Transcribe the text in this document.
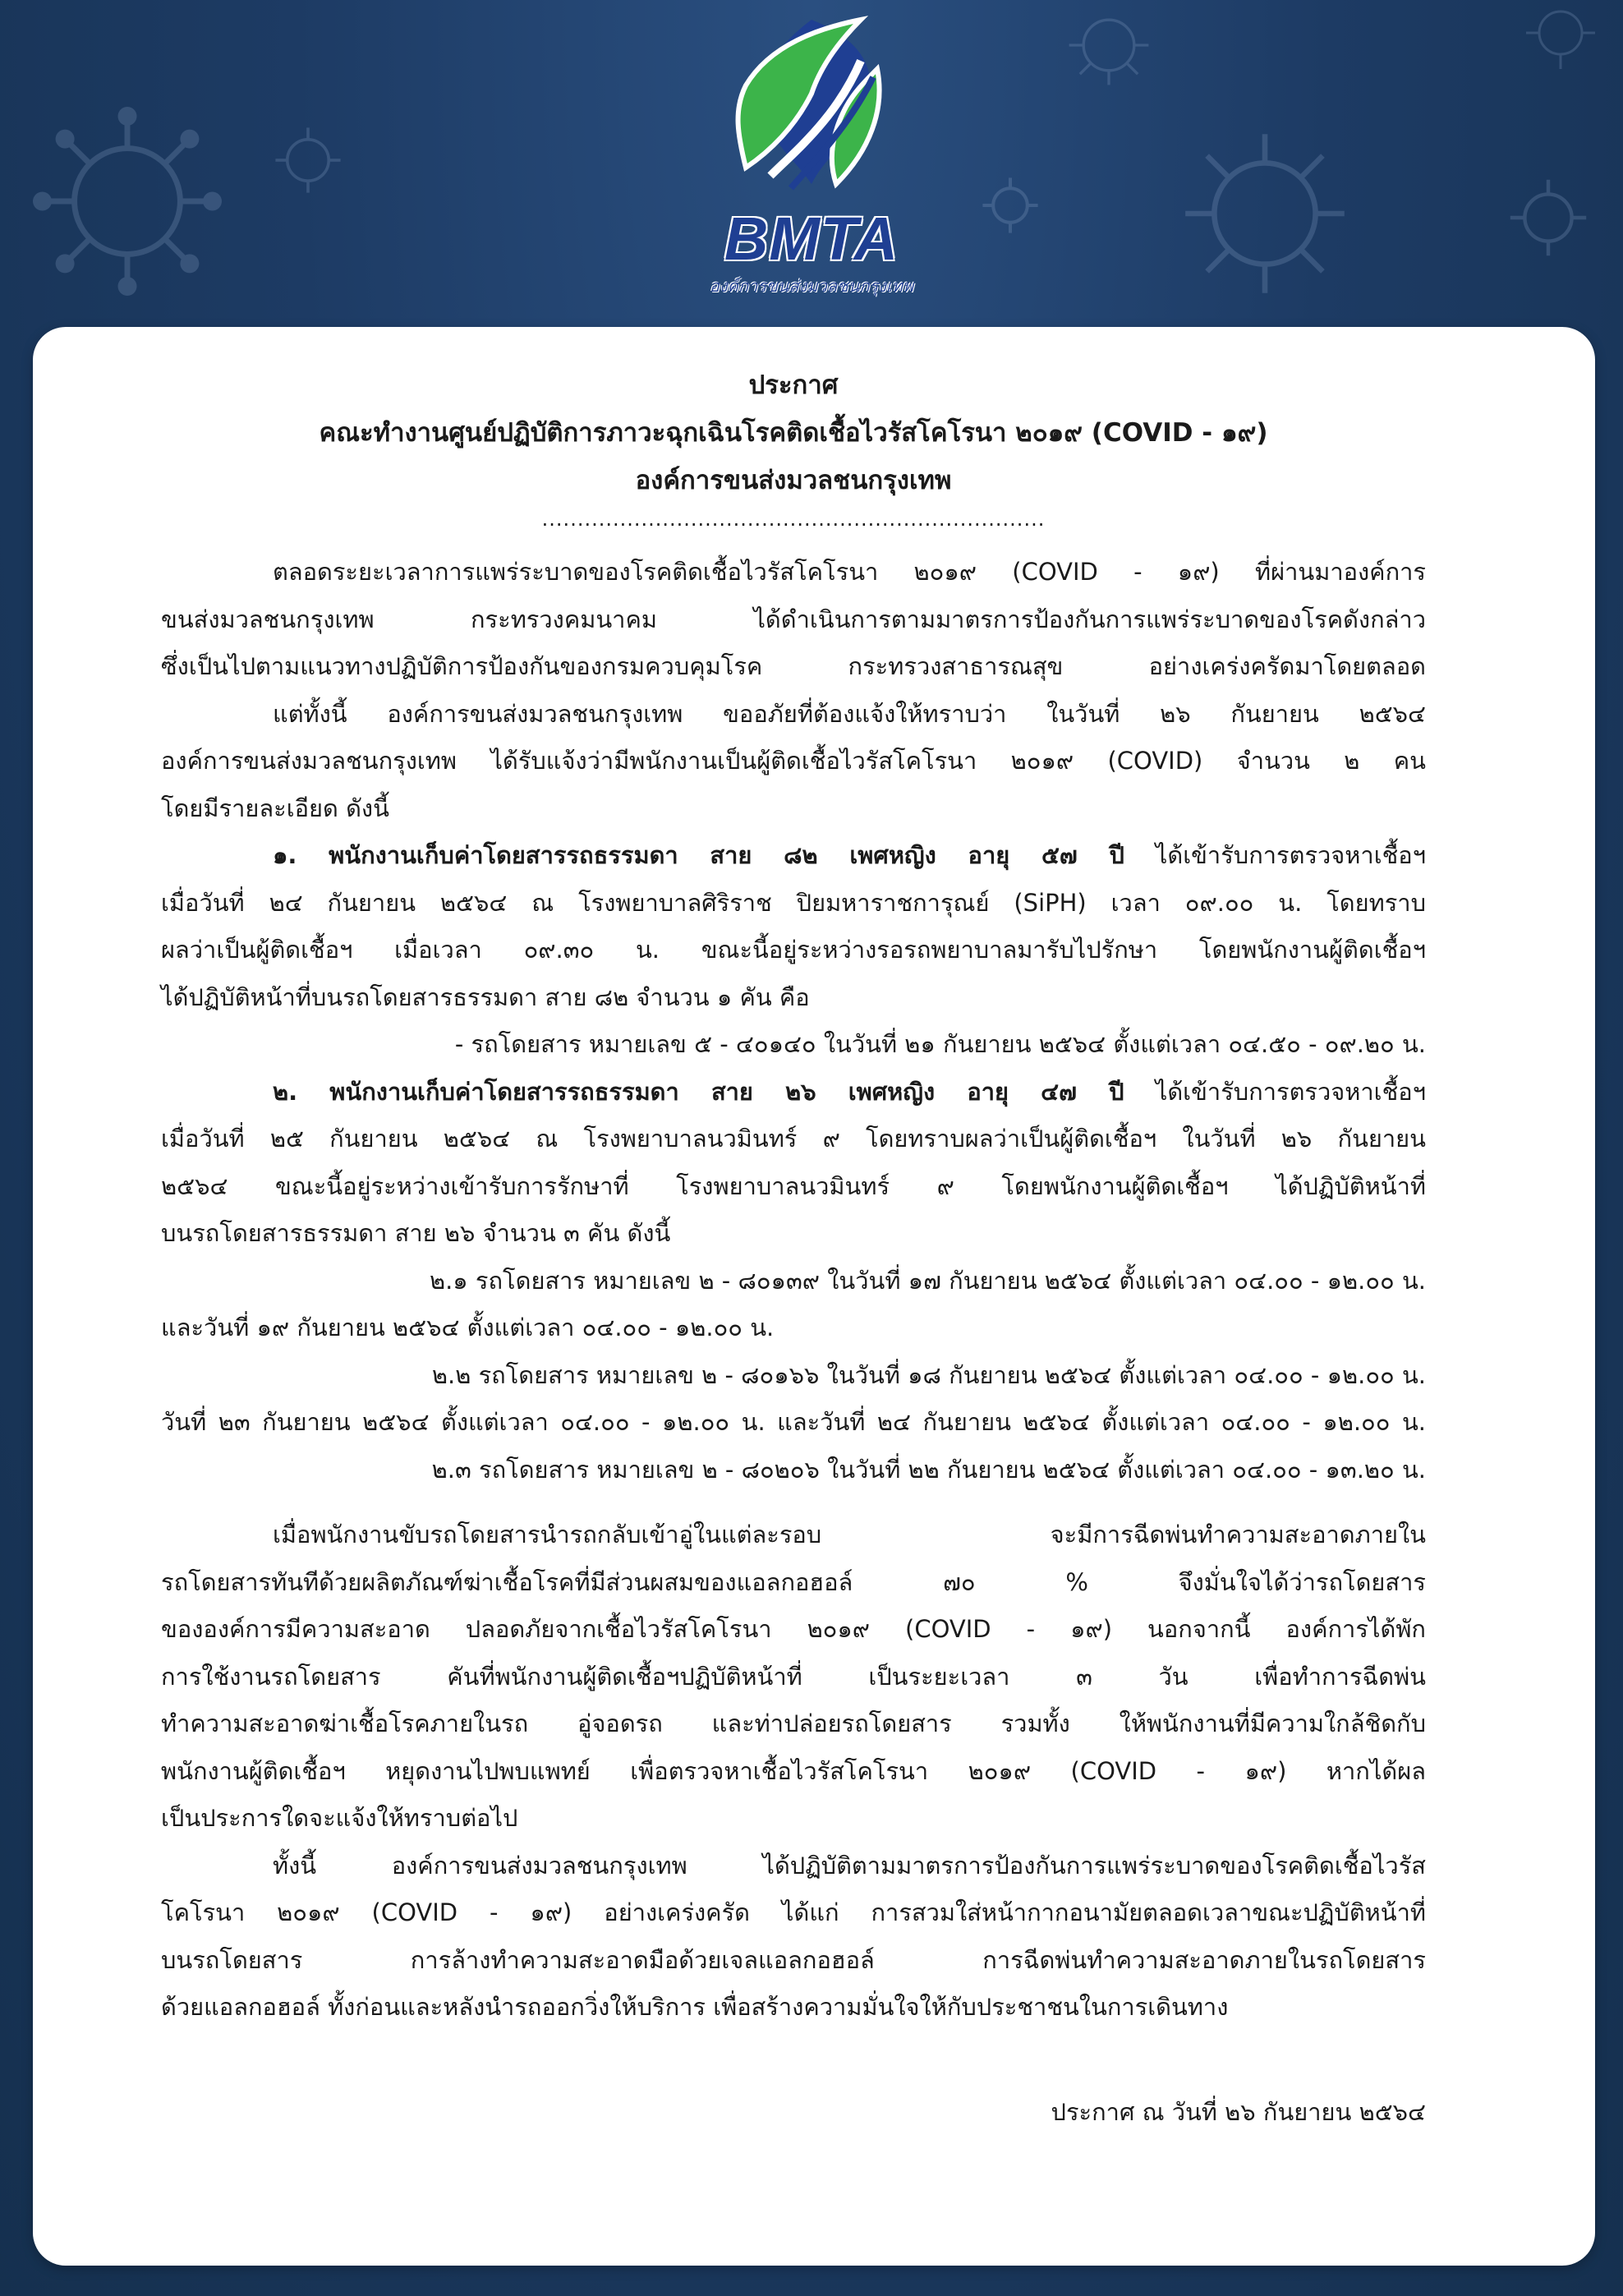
BMTA
องค์การขนส่งมวลชนกรุงเทพ
ประกาศ
คณะทำงานศูนย์ปฏิบัติการภาวะฉุกเฉินโรคติดเชื้อไวรัสโคโรนา ๒๐๑๙ (COVID - ๑๙)
องค์การขนส่งมวลชนกรุงเทพ
.......................................................................

ตลอดระยะเวลาการแพร่ระบาดของโรคติดเชื้อไวรัสโคโรนา ๒๐๑๙ (COVID - ๑๙) ที่ผ่านมาองค์การ

ขนส่งมวลชนกรุงเทพ กระทรวงคมนาคม ได้ดำเนินการตามมาตรการป้องกันการแพร่ระบาดของโรคดังกล่าว

ซึ่งเป็นไปตามแนวทางปฏิบัติการป้องกันของกรมควบคุมโรค กระทรวงสาธารณสุข อย่างเคร่งครัดมาโดยตลอด

แต่ทั้งนี้ องค์การขนส่งมวลชนกรุงเทพ ขออภัยที่ต้องแจ้งให้ทราบว่า ในวันที่ ๒๖ กันยายน ๒๕๖๔

องค์การขนส่งมวลชนกรุงเทพ ได้รับแจ้งว่ามีพนักงานเป็นผู้ติดเชื้อไวรัสโคโรนา ๒๐๑๙ (COVID) จำนวน ๒ คน

โดยมีรายละเอียด ดังนี้

๑. พนักงานเก็บค่าโดยสารรถธรรมดา สาย ๘๒ เพศหญิง อายุ ๕๗ ปี ได้เข้ารับการตรวจหาเชื้อฯ

เมื่อวันที่ ๒๔ กันยายน ๒๕๖๔ ณ โรงพยาบาลศิริราช ปิยมหาราชการุณย์ (SiPH) เวลา ๐๙.๐๐ น. โดยทราบ

ผลว่าเป็นผู้ติดเชื้อฯ เมื่อเวลา ๐๙.๓๐ น. ขณะนี้อยู่ระหว่างรอรถพยาบาลมารับไปรักษา โดยพนักงานผู้ติดเชื้อฯ

ได้ปฏิบัติหน้าที่บนรถโดยสารธรรมดา สาย ๘๒ จำนวน ๑ คัน คือ

- รถโดยสาร หมายเลข ๕ - ๔๐๑๔๐ ในวันที่ ๒๑ กันยายน ๒๕๖๔ ตั้งแต่เวลา ๐๔.๕๐ - ๐๙.๒๐ น.

๒. พนักงานเก็บค่าโดยสารรถธรรมดา สาย ๒๖ เพศหญิง อายุ ๔๗ ปี ได้เข้ารับการตรวจหาเชื้อฯ

เมื่อวันที่ ๒๕ กันยายน ๒๕๖๔ ณ โรงพยาบาลนวมินทร์ ๙ โดยทราบผลว่าเป็นผู้ติดเชื้อฯ ในวันที่ ๒๖ กันยายน

๒๕๖๔ ขณะนี้อยู่ระหว่างเข้ารับการรักษาที่ โรงพยาบาลนวมินทร์ ๙ โดยพนักงานผู้ติดเชื้อฯ ได้ปฏิบัติหน้าที่

บนรถโดยสารธรรมดา สาย ๒๖ จำนวน ๓ คัน ดังนี้

๒.๑ รถโดยสาร หมายเลข ๒ - ๘๐๑๓๙ ในวันที่ ๑๗ กันยายน ๒๕๖๔ ตั้งแต่เวลา ๐๔.๐๐ - ๑๒.๐๐ น.

และวันที่ ๑๙ กันยายน ๒๕๖๔ ตั้งแต่เวลา ๐๔.๐๐ - ๑๒.๐๐ น.

๒.๒ รถโดยสาร หมายเลข ๒ - ๘๐๑๖๖ ในวันที่ ๑๘ กันยายน ๒๕๖๔ ตั้งแต่เวลา ๐๔.๐๐ - ๑๒.๐๐ น.

วันที่ ๒๓ กันยายน ๒๕๖๔ ตั้งแต่เวลา ๐๔.๐๐ - ๑๒.๐๐ น. และวันที่ ๒๔ กันยายน ๒๕๖๔ ตั้งแต่เวลา ๐๔.๐๐ - ๑๒.๐๐ น.

๒.๓ รถโดยสาร หมายเลข ๒ - ๘๐๒๐๖ ในวันที่ ๒๒ กันยายน ๒๕๖๔ ตั้งแต่เวลา ๐๔.๐๐ - ๑๓.๒๐ น.

เมื่อพนักงานขับรถโดยสารนำรถกลับเข้าอู่ในแต่ละรอบ จะมีการฉีดพ่นทำความสะอาดภายใน

รถโดยสารทันทีด้วยผลิตภัณฑ์ฆ่าเชื้อโรคที่มีส่วนผสมของแอลกอฮอล์ ๗๐ % จึงมั่นใจได้ว่ารถโดยสาร

ขององค์การมีความสะอาด ปลอดภัยจากเชื้อไวรัสโคโรนา ๒๐๑๙ (COVID - ๑๙) นอกจากนี้ องค์การได้พัก

การใช้งานรถโดยสาร คันที่พนักงานผู้ติดเชื้อฯปฏิบัติหน้าที่ เป็นระยะเวลา ๓ วัน เพื่อทำการฉีดพ่น

ทำความสะอาดฆ่าเชื้อโรคภายในรถ อู่จอดรถ และท่าปล่อยรถโดยสาร รวมทั้ง ให้พนักงานที่มีความใกล้ชิดกับ

พนักงานผู้ติดเชื้อฯ หยุดงานไปพบแพทย์ เพื่อตรวจหาเชื้อไวรัสโคโรนา ๒๐๑๙ (COVID - ๑๙) หากได้ผล

เป็นประการใดจะแจ้งให้ทราบต่อไป

ทั้งนี้ องค์การขนส่งมวลชนกรุงเทพ ได้ปฏิบัติตามมาตรการป้องกันการแพร่ระบาดของโรคติดเชื้อไวรัส

โคโรนา ๒๐๑๙ (COVID - ๑๙) อย่างเคร่งครัด ได้แก่ การสวมใส่หน้ากากอนามัยตลอดเวลาขณะปฏิบัติหน้าที่

บนรถโดยสาร การล้างทำความสะอาดมือด้วยเจลแอลกอฮอล์ การฉีดพ่นทำความสะอาดภายในรถโดยสาร

ด้วยแอลกอฮอล์ ทั้งก่อนและหลังนำรถออกวิ่งให้บริการ เพื่อสร้างความมั่นใจให้กับประชาชนในการเดินทาง

ประกาศ ณ วันที่ ๒๖ กันยายน ๒๕๖๔
